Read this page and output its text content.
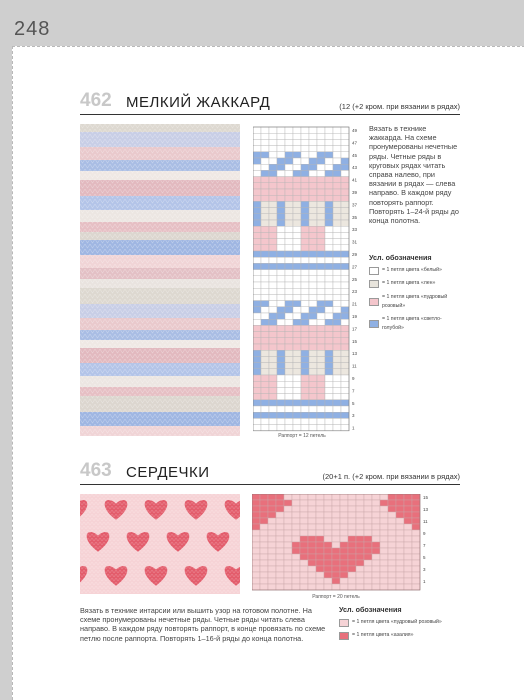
248
462 МЕЛКИЙ ЖАККАРД	(12 (+2 кром. при вязании в рядах)
49
47
45
43
41
39
37
35
33
31
29
27
25
23
21
19
17
15
13
11
9
7
5
3
1
Раппорт = 12 петель
Вязать в технике жаккарда. На схеме пронумерованы нечетные ряды. Четные ряды в круговых рядах читать справа налево, при вязании в рядах — слева направо. В каждом ряду повторять раппорт. Повторять 1–24-й ряды до конца полотна.
Усл. обозначения
= 1 петля цвета «белый»
= 1 петля цвета «лен»
= 1 петля цвета «пудровый розовый»
= 1 петля цвета «светло-голубой»
463 СЕРДЕЧКИ	(20+1 п. (+2 кром. при вязании в рядах)
15
13
11
9
7
5
3
1
Раппорт = 20 петель
Вязать в технике интарсии или вышить узор на готовом полотне. На схеме пронумерованы нечетные ряды. Четные ряды читать слева направо. В каждом ряду повторять раппорт, в конце провязать по схеме петлю после раппорта. Повторять 1–16-й ряды до конца полотна.
Усл. обозначения
= 1 петля цвета «пудровый розовый»
= 1 петля цвета «азалия»
